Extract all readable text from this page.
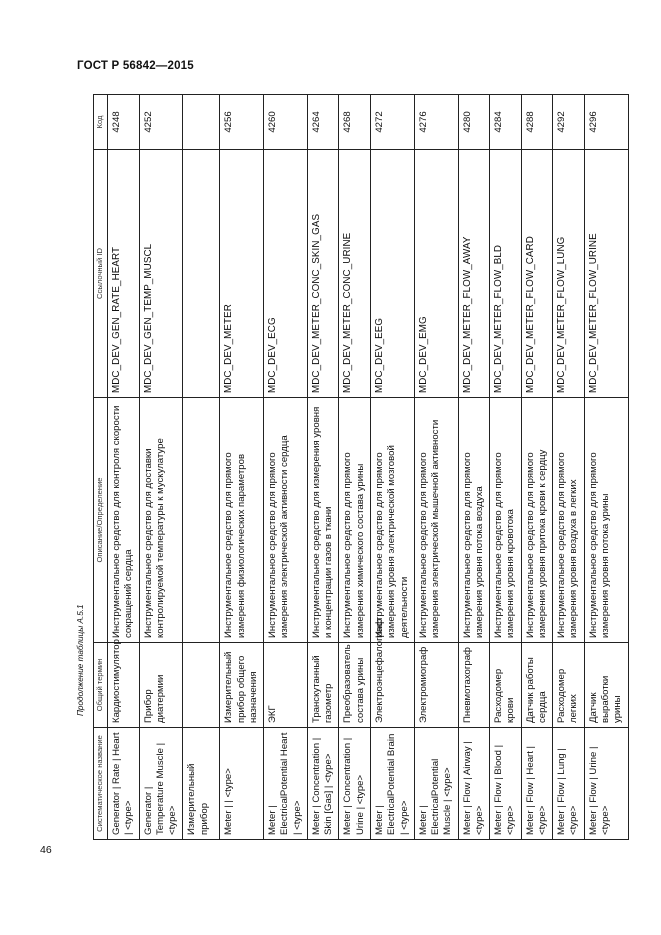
ГОСТ Р 56842—2015
Продолжение таблицы А.5.1
46
Систематическое название	Общий термин	Описание/Определение	Ссылочный ID	Код
Generator | Rate | Heart | <type>	Кардиостимулятор	Инструментальное средство для контроля скорости сокращений сердца	MDC_DEV_GEN_RATE_HEART	4248
Generator | Temperature Muscle | <type>	Прибор диатермии	Инструментальное средство для доставки контролируемой температуры к мускулатуре	MDC_DEV_GEN_TEMP_MUSCL	4252
Измерительный прибор				
Meter | | <type>	Измерительный прибор общего назначения	Инструментальное средство для прямого измерения физиологических параметров	MDC_DEV_METER	4256
Meter | ElectricalPotential Heart | <type>	ЭКГ	Инструментальное средство для прямого измерения электрической активности сердца	MDC_DEV_ECG	4260
Meter | Concentration | Skin [Gas] | <type>	Транскутанный газометр	Инструментальное средство для измерения уровня и концентрации газов в ткани	MDC_DEV_METER_CONC_SKIN_GAS	4264
Meter | Concentration | Urine | <type>	Преобразователь состава урины	Инструментальное средство для прямого измерения химического состава урины	MDC_DEV_METER_CONC_URINE	4268
Meter | ElectricalPotential Brain | <type>	Электроэнцефалограф	Инструментальное средство для прямого измерения уровня электрической мозговой деятельности	MDC_DEV_EEG	4272
Meter | ElectricalPotential Muscle | <type>	Электромиограф	Инструментальное средство для прямого измерения электрической мышечной активности	MDC_DEV_EMG	4276
Meter | Flow | Airway | <type>	Пневмотахограф	Инструментальное средство для прямого измерения уровня потока воздуха	MDC_DEV_METER_FLOW_AWAY	4280
Meter | Flow | Blood | <type>	Расходомер крови	Инструментальное средство для прямого измерения уровня кровотока	MDC_DEV_METER_FLOW_BLD	4284
Meter | Flow | Heart | <type>	Датчик работы сердца	Инструментальное средство для прямого измерения уровня притока крови к сердцу	MDC_DEV_METER_FLOW_CARD	4288
Meter | Flow | Lung | <type>	Расходомер легких	Инструментальное средство для прямого измерения уровня воздуха в легких	MDC_DEV_METER_FLOW_LUNG	4292
Meter | Flow | Urine | <type>	Датчик выработки урины	Инструментальное средство для прямого измерения уровня потока урины	MDC_DEV_METER_FLOW_URINE	4296
